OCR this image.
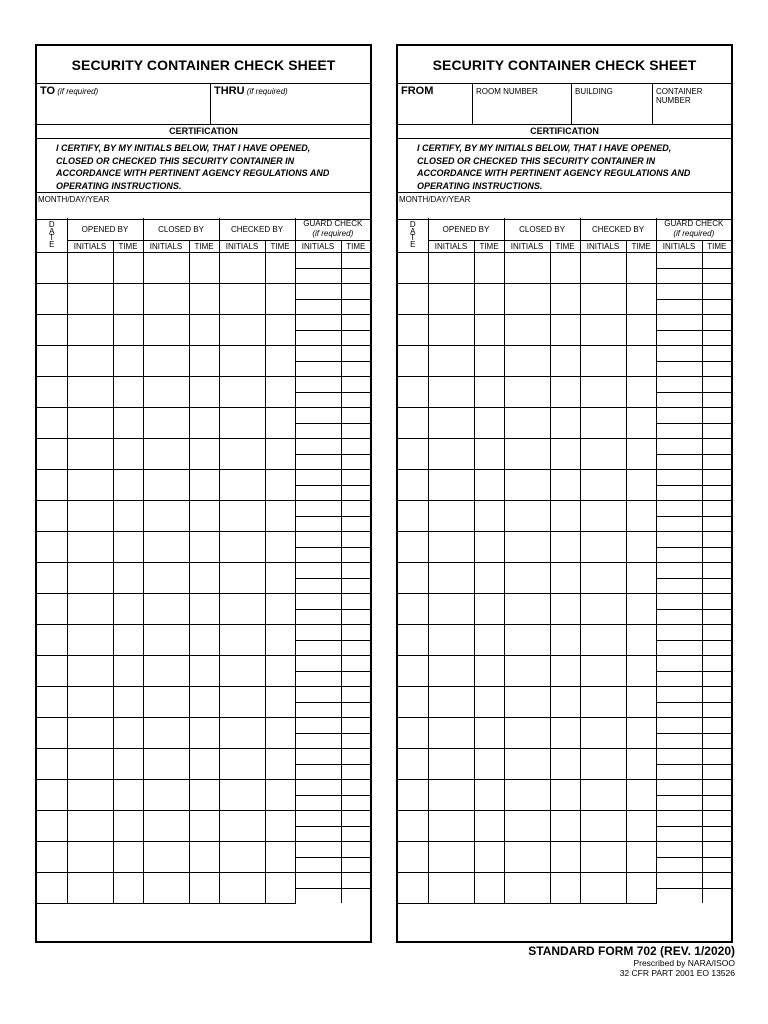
SECURITY CONTAINER CHECK SHEET
TO (if required)	THRU (if required)
CERTIFICATION
I CERTIFY, BY MY INITIALS BELOW, THAT I HAVE OPENED,
CLOSED OR CHECKED THIS SECURITY CONTAINER IN
ACCORDANCE WITH PERTINENT AGENCY REGULATIONS AND
OPERATING INSTRUCTIONS.
MONTH/DAY/YEAR
D
A
T
E	OPENED BY		CLOSED BY		CHECKED BY		GUARD CHECK
(if required)	

	INITIALS	TIME	INITIALS	TIME	INITIALS	TIME	INITIALS	TIME

SECURITY CONTAINER CHECK SHEET
FROM	ROOM NUMBER	BUILDING	CONTAINER NUMBER
CERTIFICATION
I CERTIFY, BY MY INITIALS BELOW, THAT I HAVE OPENED,
CLOSED OR CHECKED THIS SECURITY CONTAINER IN
ACCORDANCE WITH PERTINENT AGENCY REGULATIONS AND
OPERATING INSTRUCTIONS.
MONTH/DAY/YEAR
D
A
T
E	OPENED BY		CLOSED BY		CHECKED BY		GUARD CHECK
(if required)	

	INITIALS	TIME	INITIALS	TIME	INITIALS	TIME	INITIALS	TIME

STANDARD FORM 702 (REV. 1/2020)
Prescribed by NARA/ISOO
32 CFR PART 2001 EO 13526
